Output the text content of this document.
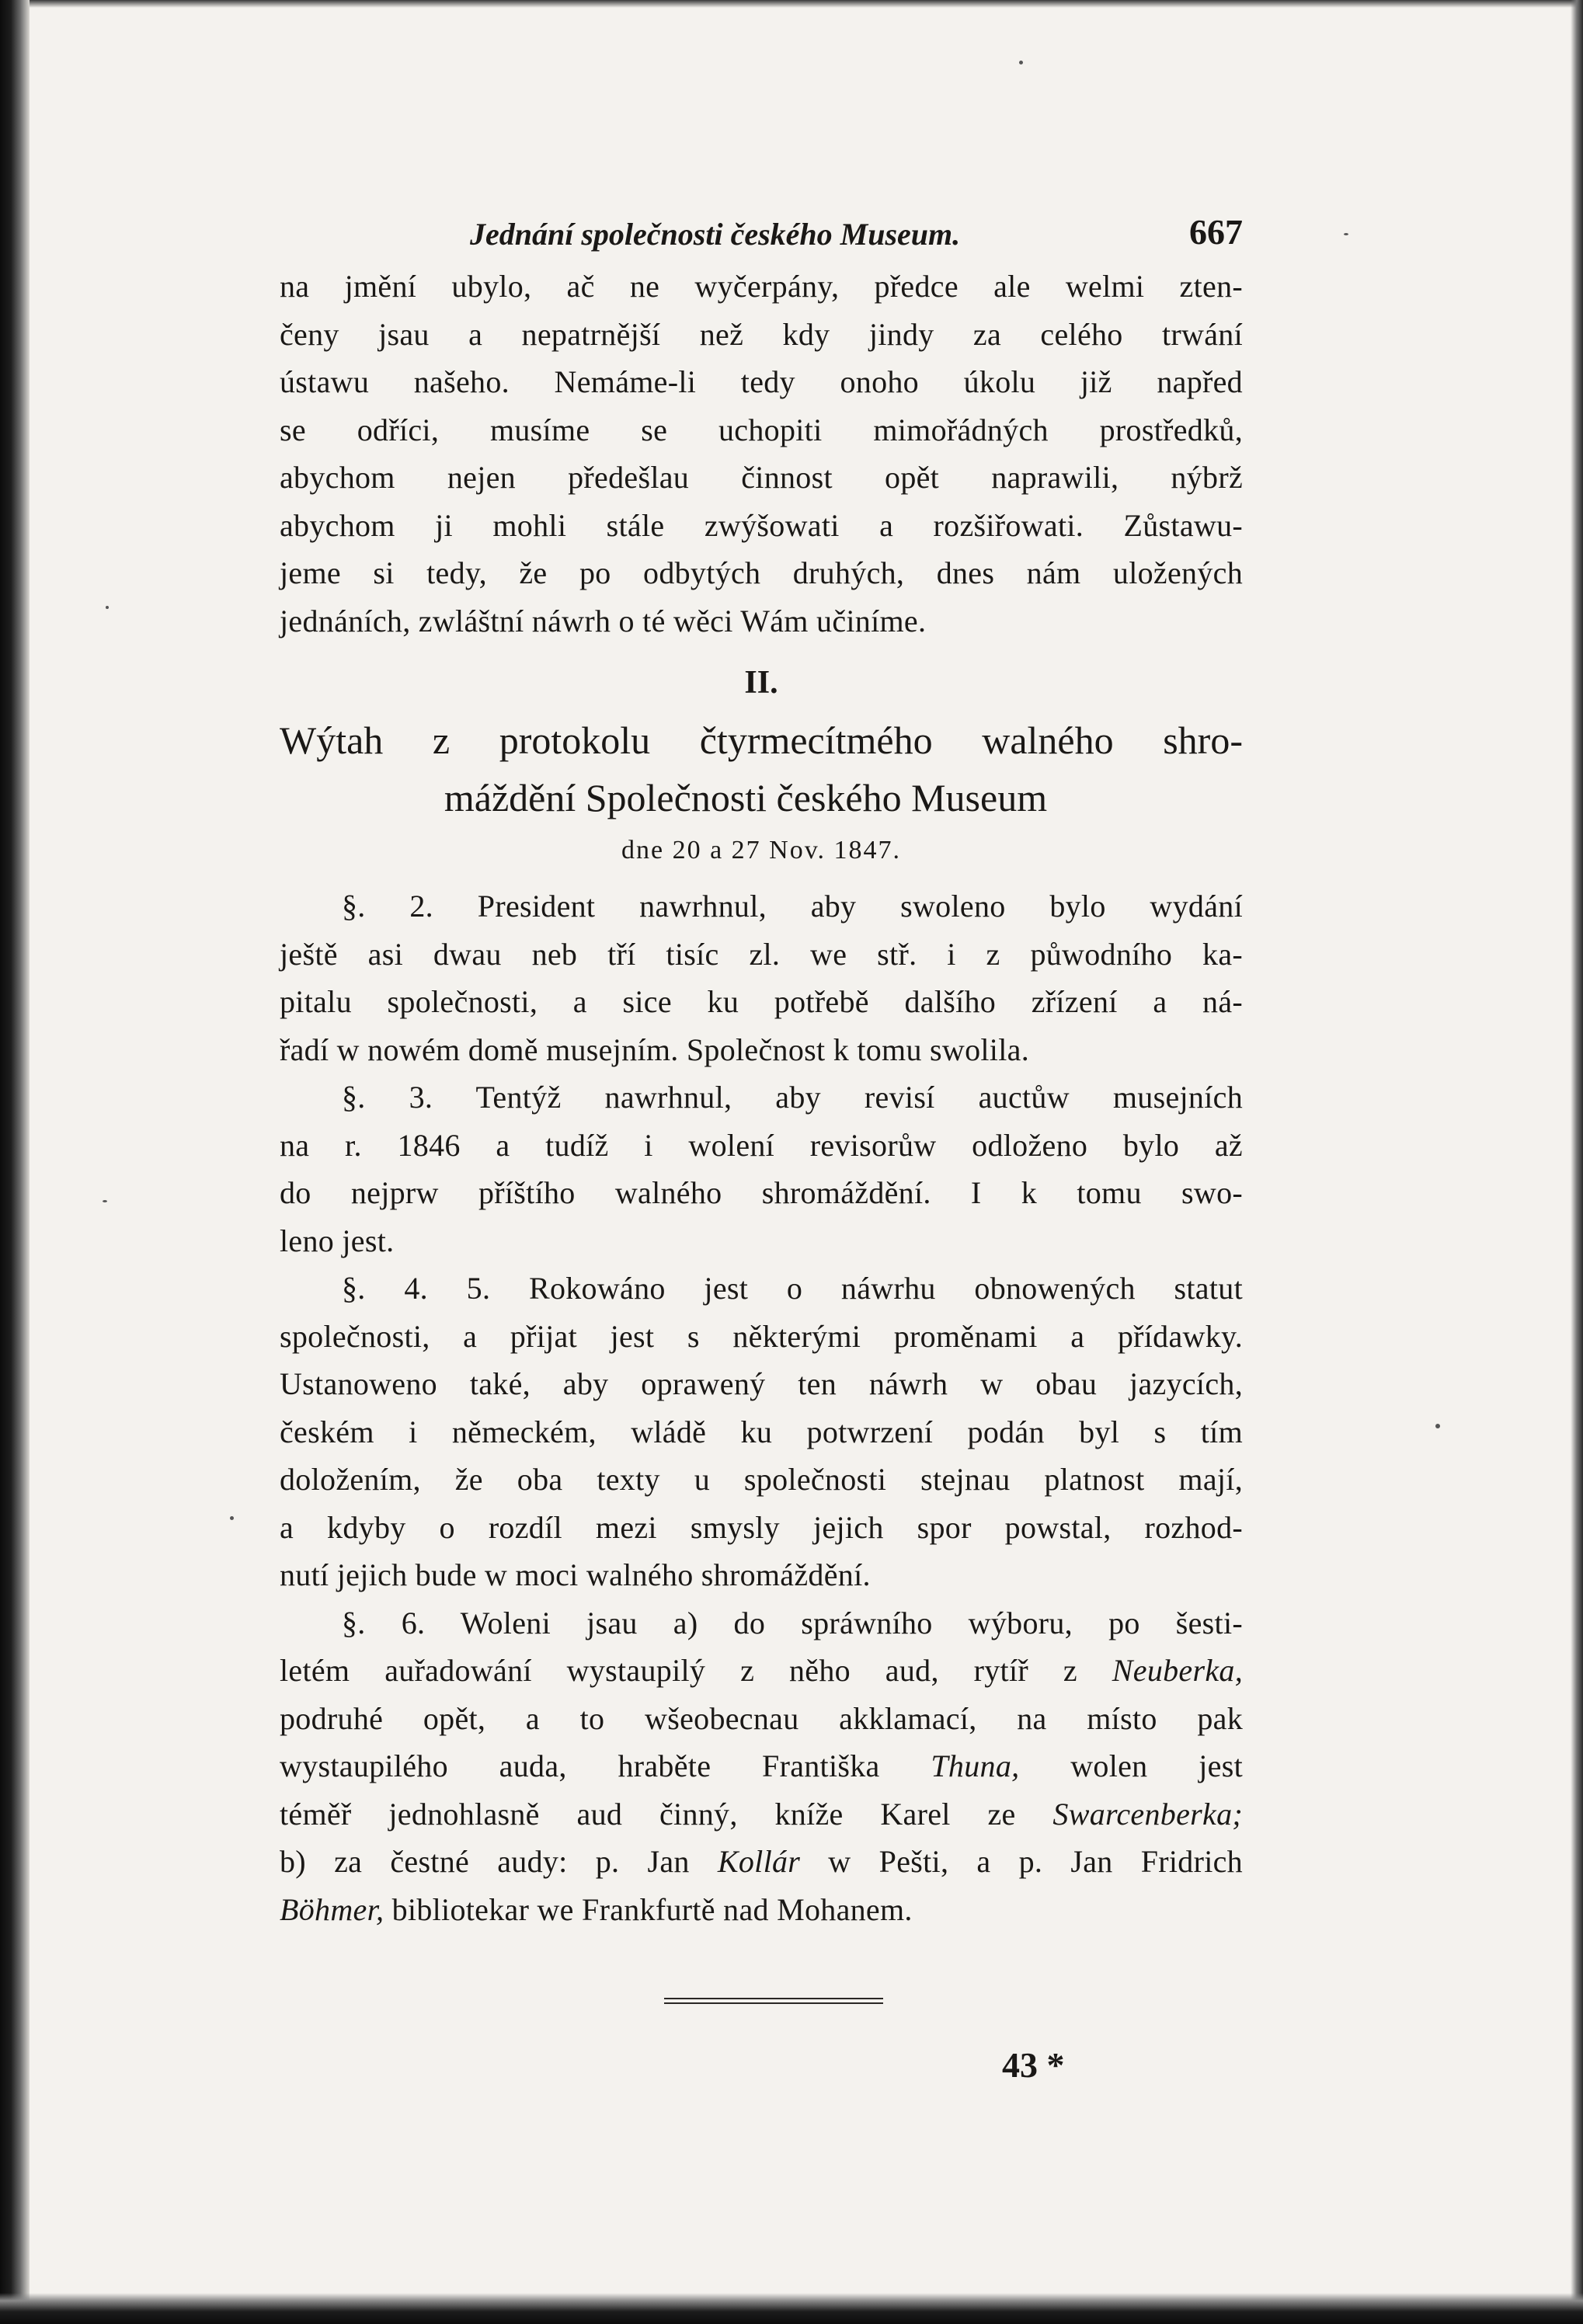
Jednání společnosti českého Museum.	667
na jmění ubylo, ač ne wyčerpány, předce ale welmi zten-
čeny jsau a nepatrnější než kdy jindy za celého trwání
ústawu našeho. Nemáme-li tedy onoho úkolu již napřed
se odříci, musíme se uchopiti mimořádných prostředků,
abychom nejen předešlau činnost opět naprawili, nýbrž
abychom ji mohli stále zwýšowati a rozšiřowati. Zůstawu-
jeme si tedy, že po odbytých druhých, dnes nám uložených
jednáních, zwláštní náwrh o té wěci Wám učiníme.
II.
Wýtah z protokolu čtyrmecítmého walného shro-
máždění Společnosti českého Museum
dne 20 a 27 Nov. 1847.
§. 2. President nawrhnul, aby swoleno bylo wydání
ještě asi dwau neb tří tisíc zl. we stř. i z půwodního ka-
pitalu společnosti, a sice ku potřebě dalšího zřízení a ná-
řadí w nowém domě musejním. Společnost k tomu swolila.
§. 3. Tentýž nawrhnul, aby revisí auctůw musejních
na r. 1846 a tudíž i wolení revisorůw odloženo bylo až
do nejprw příštího walného shromáždění. I k tomu swo-
leno jest.
§. 4. 5. Rokowáno jest o náwrhu obnowených statut
společnosti, a přijat jest s některými proměnami a přídawky.
Ustanoweno také, aby oprawený ten náwrh w obau jazycích,
českém i německém, wládě ku potwrzení podán byl s tím
doložením, že oba texty u společnosti stejnau platnost mají,
a kdyby o rozdíl mezi smysly jejich spor powstal, rozhod-
nutí jejich bude w moci walného shromáždění.
§. 6. Woleni jsau a) do spráwního wýboru, po šesti-
letém auřadowání wystaupilý z něho aud, rytíř z Neuberka,
podruhé opět, a to wšeobecnau akklamací, na místo pak
wystaupilého auda, hraběte Františka Thuna, wolen jest
téměř jednohlasně aud činný, kníže Karel ze Swarcenberka;
b) za čestné audy: p. Jan Kollár w Pešti, a p. Jan Fridrich
Böhmer, bibliotekar we Frankfurtě nad Mohanem.
43 *
